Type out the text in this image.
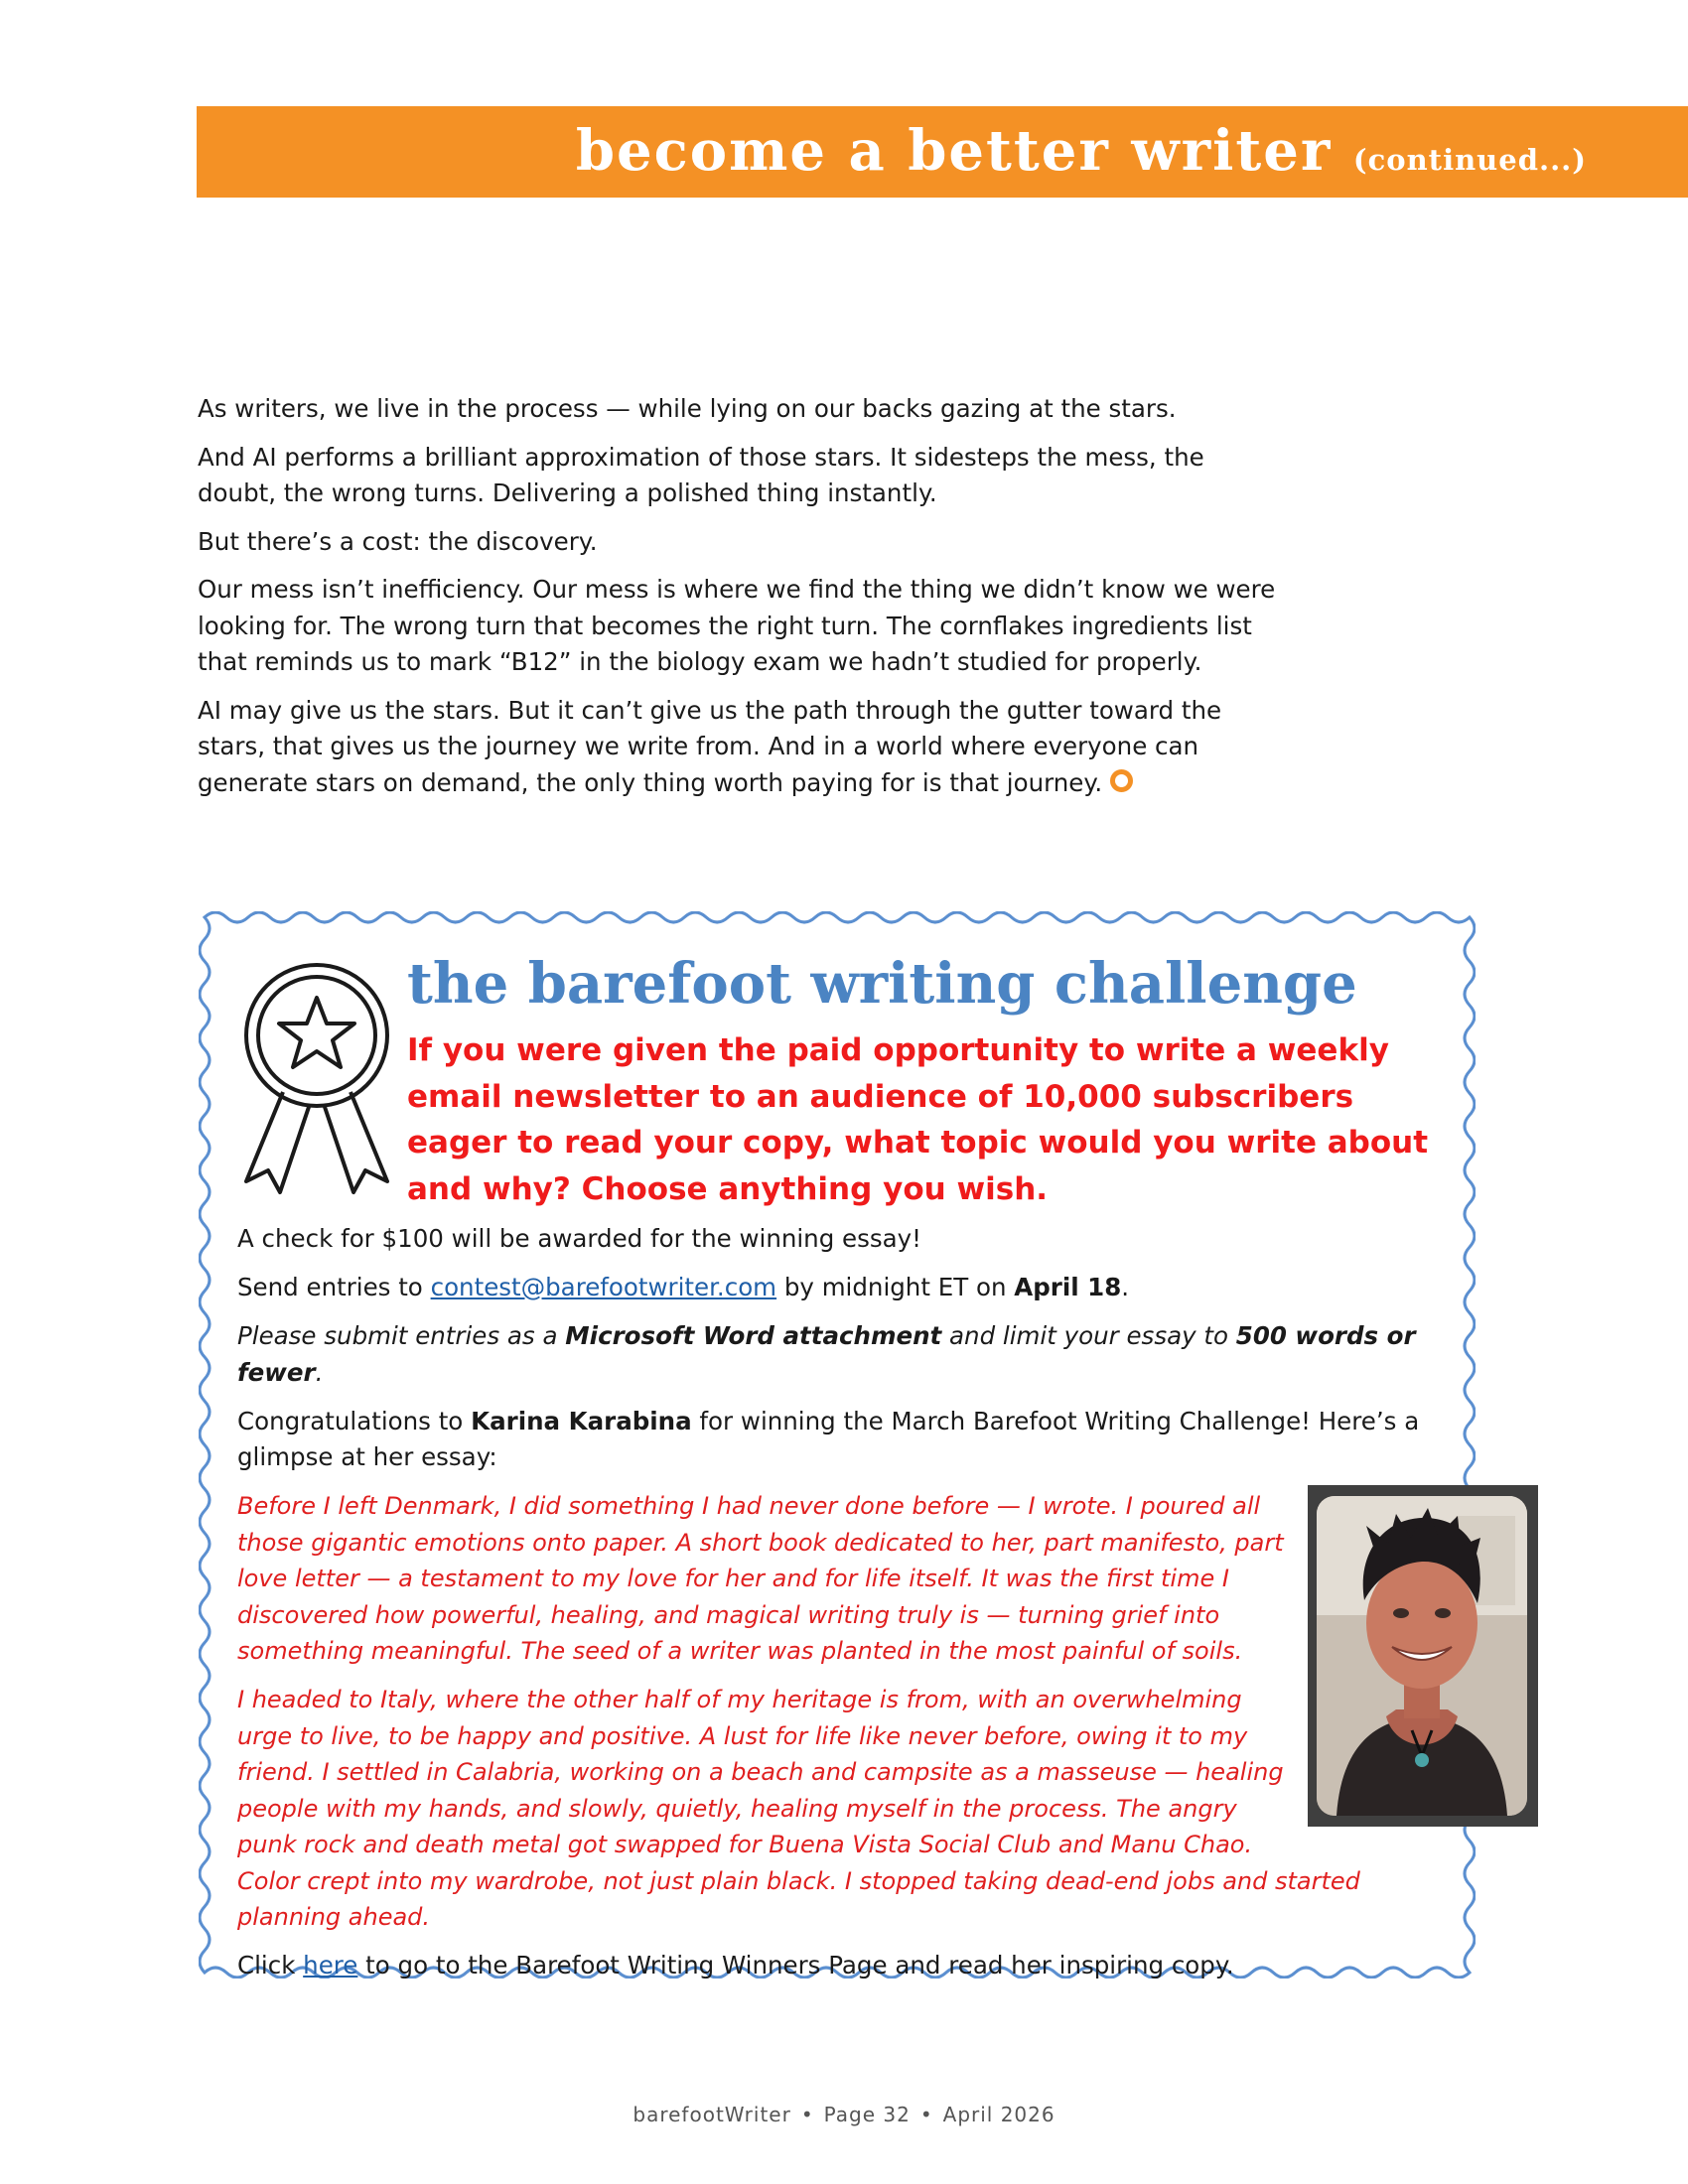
become a better writer (continued...)

As writers, we live in the process — while lying on our backs gazing at the stars.

And AI performs a brilliant approximation of those stars. It sidesteps the mess, the doubt, the wrong turns. Delivering a polished thing instantly.

But there’s a cost: the discovery.

Our mess isn’t inefficiency. Our mess is where we find the thing we didn’t know we were looking for. The wrong turn that becomes the right turn. The cornflakes ingredients list that reminds us to mark “B12” in the biology exam we hadn’t studied for properly.

AI may give us the stars. But it can’t give us the path through the gutter toward the stars, that gives us the journey we write from. And in a world where everyone can generate stars on demand, the only thing worth paying for is that journey.

the barefoot writing challenge

If you were given the paid opportunity to write a weekly email newsletter to an audience of 10,000 subscribers eager to read your copy, what topic would you write about and why? Choose anything you wish.

A check for $100 will be awarded for the winning essay!

Send entries to contest@barefootwriter.com by midnight ET on April 18.

Please submit entries as a Microsoft Word attachment and limit your essay to 500 words or fewer.

Congratulations to Karina Karabina for winning the March Barefoot Writing Challenge! Here’s a glimpse at her essay:

Before I left Denmark, I did something I had never done before — I wrote. I poured all those gigantic emotions onto paper. A short book dedicated to her, part manifesto, part love letter — a testament to my love for her and for life itself. It was the first time I discovered how powerful, healing, and magical writing truly is — turning grief into something meaningful. The seed of a writer was planted in the most painful of soils.

I headed to Italy, where the other half of my heritage is from, with an overwhelming urge to live, to be happy and positive. A lust for life like never before, owing it to my friend. I settled in Calabria, working on a beach and campsite as a masseuse — healing people with my hands, and slowly, quietly, healing myself in the process. The angry punk rock and death metal got swapped for Buena Vista Social Club and Manu Chao. Color crept into my wardrobe, not just plain black. I stopped taking dead-end jobs and started planning ahead.

Click here to go to the Barefoot Writing Winners Page and read her inspiring copy.

barefootWriter • Page 32 • April 2026
